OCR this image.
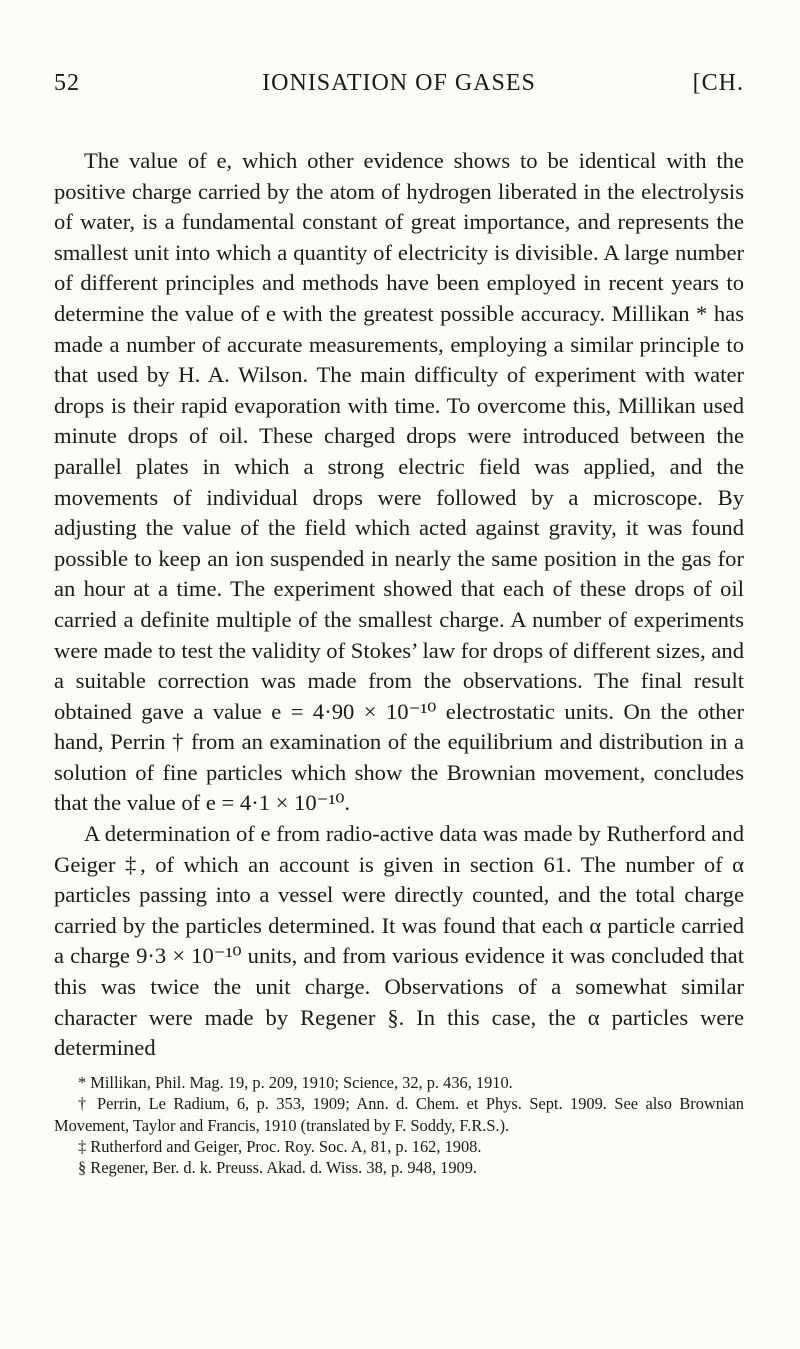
52	IONISATION OF GASES	[CH.

The value of e, which other evidence shows to be identical with the positive charge carried by the atom of hydrogen liberated in the electrolysis of water, is a fundamental constant of great importance, and represents the smallest unit into which a quantity of electricity is divisible. A large number of different principles and methods have been employed in recent years to determine the value of e with the greatest possible accuracy. Millikan * has made a number of accurate measurements, employing a similar principle to that used by H. A. Wilson. The main difficulty of experiment with water drops is their rapid evaporation with time. To overcome this, Millikan used minute drops of oil. These charged drops were introduced between the parallel plates in which a strong electric field was applied, and the movements of individual drops were followed by a microscope. By adjusting the value of the field which acted against gravity, it was found possible to keep an ion suspended in nearly the same position in the gas for an hour at a time. The experiment showed that each of these drops of oil carried a definite multiple of the smallest charge. A number of experiments were made to test the validity of Stokes’ law for drops of different sizes, and a suitable correction was made from the observations. The final result obtained gave a value e = 4·90 × 10⁻¹⁰ electrostatic units. On the other hand, Perrin † from an examination of the equilibrium and distribution in a solution of fine particles which show the Brownian movement, concludes that the value of e = 4·1 × 10⁻¹⁰.

A determination of e from radio-active data was made by Rutherford and Geiger ‡, of which an account is given in section 61. The number of α particles passing into a vessel were directly counted, and the total charge carried by the particles determined. It was found that each α particle carried a charge 9·3 × 10⁻¹⁰ units, and from various evidence it was concluded that this was twice the unit charge. Observations of a somewhat similar character were made by Regener §. In this case, the α particles were determined

* Millikan, Phil. Mag. 19, p. 209, 1910; Science, 32, p. 436, 1910.

† Perrin, Le Radium, 6, p. 353, 1909; Ann. d. Chem. et Phys. Sept. 1909. See also Brownian Movement, Taylor and Francis, 1910 (translated by F. Soddy, F.R.S.).

‡ Rutherford and Geiger, Proc. Roy. Soc. A, 81, p. 162, 1908.

§ Regener, Ber. d. k. Preuss. Akad. d. Wiss. 38, p. 948, 1909.
